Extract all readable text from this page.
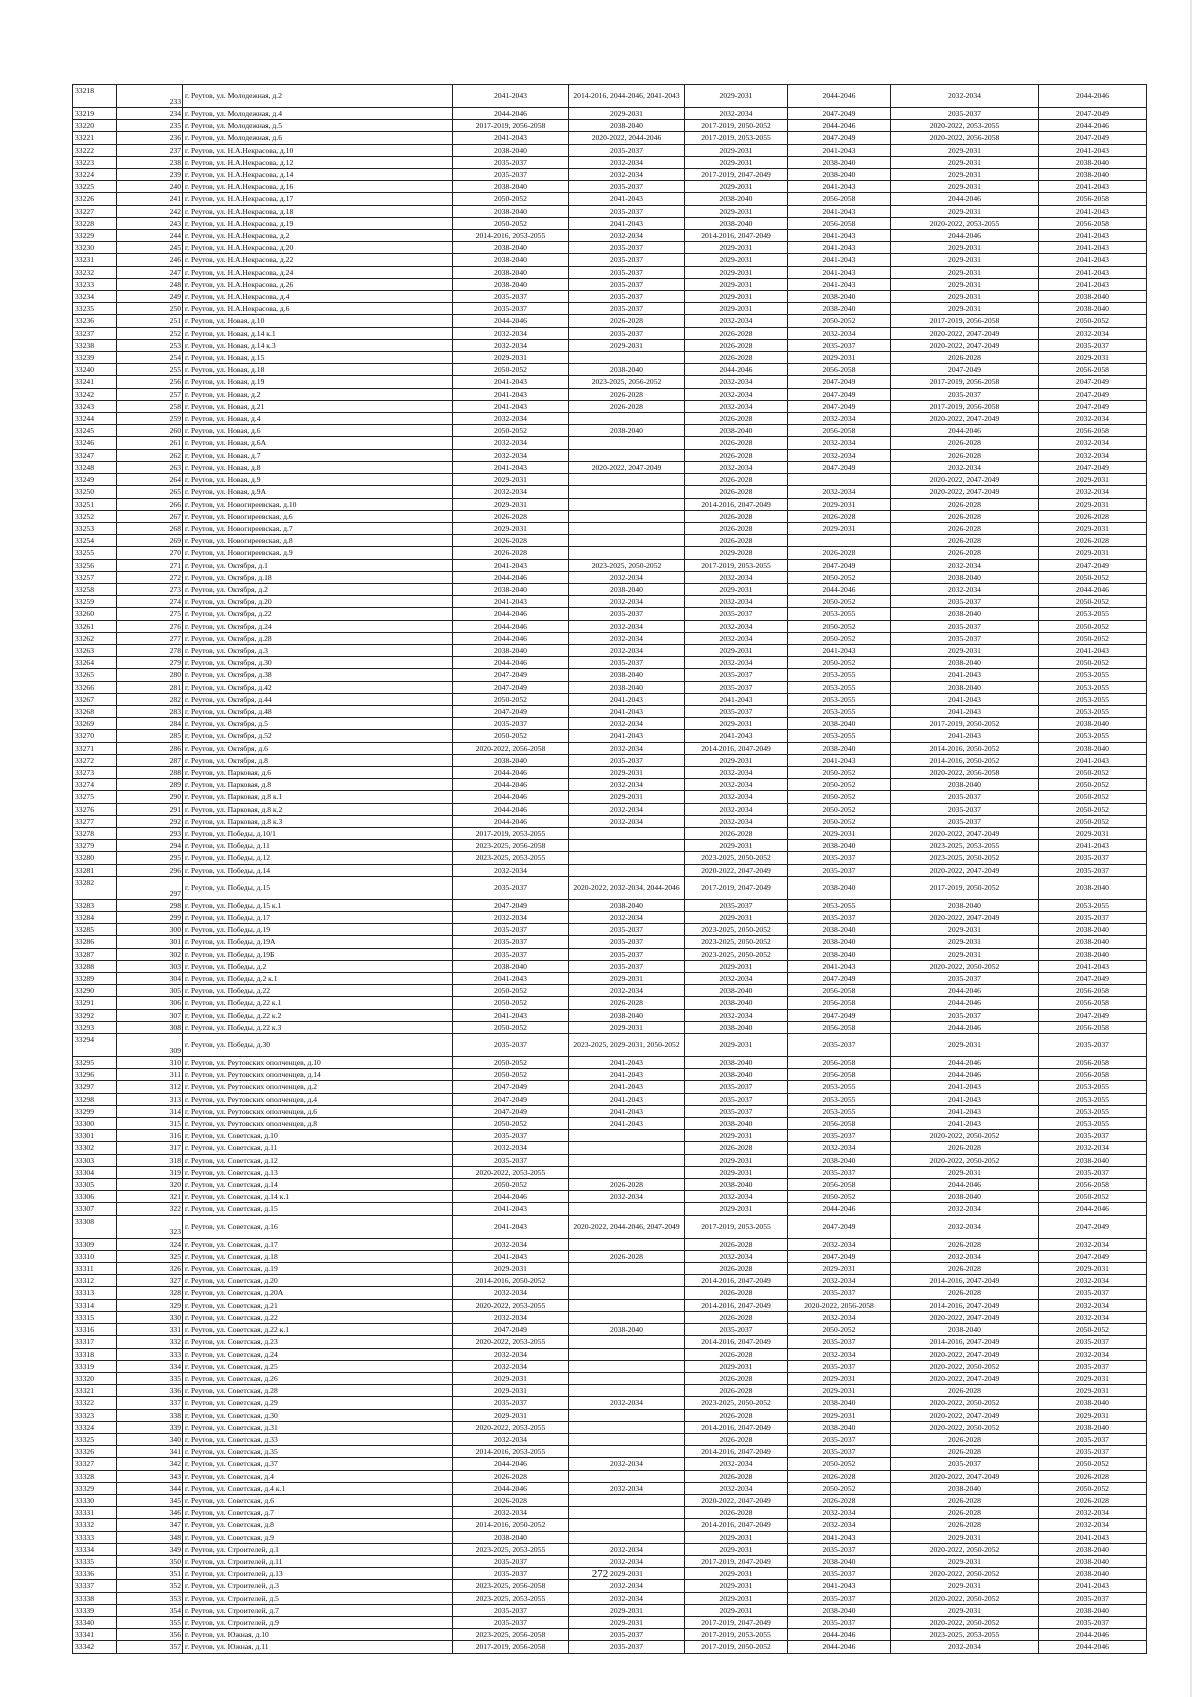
33218	233	г. Реутов, ул. Молодежная, д.2	2041-2043	2014-2016, 2044-2046, 2041-2043	2029-2031	2044-2046	2032-2034	2044-2046
33219	234	г. Реутов, ул. Молодежная, д.4	2044-2046	2029-2031	2032-2034	2047-2049	2035-2037	2047-2049
33220	235	г. Реутов, ул. Молодежная, д.5	2017-2019, 2056-2058	2038-2040	2017-2019, 2050-2052	2044-2046	2020-2022, 2053-2055	2044-2046
33221	236	г. Реутов, ул. Молодежная, д.6	2041-2043	2020-2022, 2044-2046	2017-2019, 2053-2055	2047-2049	2020-2022, 2056-2058	2047-2049
33222	237	г. Реутов, ул. Н.А.Некрасова, д.10	2038-2040	2035-2037	2029-2031	2041-2043	2029-2031	2041-2043
33223	238	г. Реутов, ул. Н.А.Некрасова, д.12	2035-2037	2032-2034	2029-2031	2038-2040	2029-2031	2038-2040
33224	239	г. Реутов, ул. Н.А.Некрасова, д.14	2035-2037	2032-2034	2017-2019, 2047-2049	2038-2040	2029-2031	2038-2040
33225	240	г. Реутов, ул. Н.А.Некрасова, д.16	2038-2040	2035-2037	2029-2031	2041-2043	2029-2031	2041-2043
33226	241	г. Реутов, ул. Н.А.Некрасова, д.17	2050-2052	2041-2043	2038-2040	2056-2058	2044-2046	2056-2058
33227	242	г. Реутов, ул. Н.А.Некрасова, д.18	2038-2040	2035-2037	2029-2031	2041-2043	2029-2031	2041-2043
33228	243	г. Реутов, ул. Н.А.Некрасова, д.19	2050-2052	2041-2043	2038-2040	2056-2058	2020-2022, 2053-2055	2056-2058
33229	244	г. Реутов, ул. Н.А.Некрасова, д.2	2014-2016, 2053-2055	2032-2034	2014-2016, 2047-2049	2041-2043	2044-2046	2041-2043
33230	245	г. Реутов, ул. Н.А.Некрасова, д.20	2038-2040	2035-2037	2029-2031	2041-2043	2029-2031	2041-2043
33231	246	г. Реутов, ул. Н.А.Некрасова, д.22	2038-2040	2035-2037	2029-2031	2041-2043	2029-2031	2041-2043
33232	247	г. Реутов, ул. Н.А.Некрасова, д.24	2038-2040	2035-2037	2029-2031	2041-2043	2029-2031	2041-2043
33233	248	г. Реутов, ул. Н.А.Некрасова, д.26	2038-2040	2035-2037	2029-2031	2041-2043	2029-2031	2041-2043
33234	249	г. Реутов, ул. Н.А.Некрасова, д.4	2035-2037	2035-2037	2029-2031	2038-2040	2029-2031	2038-2040
33235	250	г. Реутов, ул. Н.А.Некрасова, д.6	2035-2037	2035-2037	2029-2031	2038-2040	2029-2031	2038-2040
33236	251	г. Реутов, ул. Новая, д.10	2044-2046	2026-2028	2032-2034	2050-2052	2017-2019, 2056-2058	2050-2052
33237	252	г. Реутов, ул. Новая, д.14 к.1	2032-2034	2035-2037	2026-2028	2032-2034	2020-2022, 2047-2049	2032-2034
33238	253	г. Реутов, ул. Новая, д.14 к.3	2032-2034	2029-2031	2026-2028	2035-2037	2020-2022, 2047-2049	2035-2037
33239	254	г. Реутов, ул. Новая, д.15	2029-2031		2026-2028	2029-2031	2026-2028	2029-2031
33240	255	г. Реутов, ул. Новая, д.18	2050-2052	2038-2040	2044-2046	2056-2058	2047-2049	2056-2058
33241	256	г. Реутов, ул. Новая, д.19	2041-2043	2023-2025, 2056-2052	2032-2034	2047-2049	2017-2019, 2056-2058	2047-2049
33242	257	г. Реутов, ул. Новая, д.2	2041-2043	2026-2028	2032-2034	2047-2049	2035-2037	2047-2049
33243	258	г. Реутов, ул. Новая, д.21	2041-2043	2026-2028	2032-2034	2047-2049	2017-2019, 2056-2058	2047-2049
33244	259	г. Реутов, ул. Новая, д.4	2032-2034		2026-2028	2032-2034	2020-2022, 2047-2049	2032-2034
33245	260	г. Реутов, ул. Новая, д.6	2050-2052	2038-2040	2038-2040	2056-2058	2044-2046	2056-2058
33246	261	г. Реутов, ул. Новая, д.6А	2032-2034		2026-2028	2032-2034	2026-2028	2032-2034
33247	262	г. Реутов, ул. Новая, д.7	2032-2034		2026-2028	2032-2034	2026-2028	2032-2034
33248	263	г. Реутов, ул. Новая, д.8	2041-2043	2020-2022, 2047-2049	2032-2034	2047-2049	2032-2034	2047-2049
33249	264	г. Реутов, ул. Новая, д.9	2029-2031		2026-2028		2020-2022, 2047-2049	2029-2031
33250	265	г. Реутов, ул. Новая, д.9А	2032-2034		2026-2028	2032-2034	2020-2022, 2047-2049	2032-2034
33251	266	г. Реутов, ул. Новогиреевская, д.10	2029-2031		2014-2016, 2047-2049	2029-2031	2026-2028	2029-2031
33252	267	г. Реутов, ул. Новогиреевская, д.6	2026-2028		2026-2028	2026-2028	2026-2028	2026-2028
33253	268	г. Реутов, ул. Новогиреевская, д.7	2029-2031		2026-2028	2029-2031	2026-2028	2029-2031
33254	269	г. Реутов, ул. Новогиреевская, д.8	2026-2028		2026-2028		2026-2028	2026-2028
33255	270	г. Реутов, ул. Новогиреевская, д.9	2026-2028		2029-2028	2026-2028	2026-2028	2029-2031
33256	271	г. Реутов, ул. Октября, д.1	2041-2043	2023-2025, 2050-2052	2017-2019, 2053-2055	2047-2049	2032-2034	2047-2049
33257	272	г. Реутов, ул. Октября, д.18	2044-2046	2032-2034	2032-2034	2050-2052	2038-2040	2050-2052
33258	273	г. Реутов, ул. Октября, д.2	2038-2040	2038-2040	2029-2031	2044-2046	2032-2034	2044-2046
33259	274	г. Реутов, ул. Октября, д.20	2041-2043	2032-2034	2032-2034	2050-2052	2035-2037	2050-2052
33260	275	г. Реутов, ул. Октября, д.22	2044-2046	2035-2037	2035-2037	2053-2055	2038-2040	2053-2055
33261	276	г. Реутов, ул. Октября, д.24	2044-2046	2032-2034	2032-2034	2050-2052	2035-2037	2050-2052
33262	277	г. Реутов, ул. Октября, д.28	2044-2046	2032-2034	2032-2034	2050-2052	2035-2037	2050-2052
33263	278	г. Реутов, ул. Октября, д.3	2038-2040	2032-2034	2029-2031	2041-2043	2029-2031	2041-2043
33264	279	г. Реутов, ул. Октября, д.30	2044-2046	2035-2037	2032-2034	2050-2052	2038-2040	2050-2052
33265	280	г. Реутов, ул. Октября, д.38	2047-2049	2038-2040	2035-2037	2053-2055	2041-2043	2053-2055
33266	281	г. Реутов, ул. Октября, д.42	2047-2049	2038-2040	2035-2037	2053-2055	2038-2040	2053-2055
33267	282	г. Реутов, ул. Октября, д.44	2050-2052	2041-2043	2041-2043	2053-2055	2041-2043	2053-2055
33268	283	г. Реутов, ул. Октября, д.48	2047-2049	2041-2043	2035-2037	2053-2055	2041-2043	2053-2055
33269	284	г. Реутов, ул. Октября, д.5	2035-2037	2032-2034	2029-2031	2038-2040	2017-2019, 2050-2052	2038-2040
33270	285	г. Реутов, ул. Октября, д.52	2050-2052	2041-2043	2041-2043	2053-2055	2041-2043	2053-2055
33271	286	г. Реутов, ул. Октября, д.6	2020-2022, 2056-2058	2032-2034	2014-2016, 2047-2049	2038-2040	2014-2016, 2050-2052	2038-2040
33272	287	г. Реутов, ул. Октября, д.8	2038-2040	2035-2037	2029-2031	2041-2043	2014-2016, 2050-2052	2041-2043
33273	288	г. Реутов, ул. Парковая, д.6	2044-2046	2029-2031	2032-2034	2050-2052	2020-2022, 2056-2058	2050-2052
33274	289	г. Реутов, ул. Парковая, д.8	2044-2046	2032-2034	2032-2034	2050-2052	2038-2040	2050-2052
33275	290	г. Реутов, ул. Парковая, д.8 к.1	2044-2046	2029-2031	2032-2034	2050-2052	2035-2037	2050-2052
33276	291	г. Реутов, ул. Парковая, д.8 к.2	2044-2046	2032-2034	2032-2034	2050-2052	2035-2037	2050-2052
33277	292	г. Реутов, ул. Парковая, д.8 к.3	2044-2046	2032-2034	2032-2034	2050-2052	2035-2037	2050-2052
33278	293	г. Реутов, ул. Победы, д.10/1	2017-2019, 2053-2055		2026-2028	2029-2031	2020-2022, 2047-2049	2029-2031
33279	294	г. Реутов, ул. Победы, д.11	2023-2025, 2056-2058		2029-2031	2038-2040	2023-2025, 2053-2055	2041-2043
33280	295	г. Реутов, ул. Победы, д.12	2023-2025, 2053-2055		2023-2025, 2050-2052	2035-2037	2023-2025, 2050-2052	2035-2037
33281	296	г. Реутов, ул. Победы, д.14	2032-2034		2020-2022, 2047-2049	2035-2037	2020-2022, 2047-2049	2035-2037
33282	297	г. Реутов, ул. Победы, д.15	2035-2037	2020-2022, 2032-2034, 2044-2046	2017-2019, 2047-2049	2038-2040	2017-2019, 2050-2052	2038-2040
33283	298	г. Реутов, ул. Победы, д.15 к.1	2047-2049	2038-2040	2035-2037	2053-2055	2038-2040	2053-2055
33284	299	г. Реутов, ул. Победы, д.17	2032-2034	2032-2034	2029-2031	2035-2037	2020-2022, 2047-2049	2035-2037
33285	300	г. Реутов, ул. Победы, д.19	2035-2037	2035-2037	2023-2025, 2050-2052	2038-2040	2029-2031	2038-2040
33286	301	г. Реутов, ул. Победы, д.19А	2035-2037	2035-2037	2023-2025, 2050-2052	2038-2040	2029-2031	2038-2040
33287	302	г. Реутов, ул. Победы, д.19Б	2035-2037	2035-2037	2023-2025, 2050-2052	2038-2040	2029-2031	2038-2040
33288	303	г. Реутов, ул. Победы, д.2	2038-2040	2035-2037	2029-2031	2041-2043	2020-2022, 2050-2052	2041-2043
33289	304	г. Реутов, ул. Победы, д.2 к.1	2041-2043	2029-2031	2032-2034	2047-2049	2035-2037	2047-2049
33290	305	г. Реутов, ул. Победы, д.22	2050-2052	2032-2034	2038-2040	2056-2058	2044-2046	2056-2058
33291	306	г. Реутов, ул. Победы, д.22 к.1	2050-2052	2026-2028	2038-2040	2056-2058	2044-2046	2056-2058
33292	307	г. Реутов, ул. Победы, д.22 к.2	2041-2043	2038-2040	2032-2034	2047-2049	2035-2037	2047-2049
33293	308	г. Реутов, ул. Победы, д.22 к.3	2050-2052	2029-2031	2038-2040	2056-2058	2044-2046	2056-2058
33294	309	г. Реутов, ул. Победы, д.30	2035-2037	2023-2025, 2029-2031, 2050-2052	2029-2031	2035-2037	2029-2031	2035-2037
33295	310	г. Реутов, ул. Реутовских ополченцев, д.10	2050-2052	2041-2043	2038-2040	2056-2058	2044-2046	2056-2058
33296	311	г. Реутов, ул. Реутовских ополченцев, д.14	2050-2052	2041-2043	2038-2040	2056-2058	2044-2046	2056-2058
33297	312	г. Реутов, ул. Реутовских ополченцев, д.2	2047-2049	2041-2043	2035-2037	2053-2055	2041-2043	2053-2055
33298	313	г. Реутов, ул. Реутовских ополченцев, д.4	2047-2049	2041-2043	2035-2037	2053-2055	2041-2043	2053-2055
33299	314	г. Реутов, ул. Реутовских ополченцев, д.6	2047-2049	2041-2043	2035-2037	2053-2055	2041-2043	2053-2055
33300	315	г. Реутов, ул. Реутовских ополченцев, д.8	2050-2052	2041-2043	2038-2040	2056-2058	2041-2043	2053-2055
33301	316	г. Реутов, ул. Советская, д.10	2035-2037		2029-2031	2035-2037	2020-2022, 2050-2052	2035-2037
33302	317	г. Реутов, ул. Советская, д.11	2032-2034		2026-2028	2032-2034	2026-2028	2032-2034
33303	318	г. Реутов, ул. Советская, д.12	2035-2037		2029-2031	2038-2040	2020-2022, 2050-2052	2038-2040
33304	319	г. Реутов, ул. Советская, д.13	2020-2022, 2053-2055		2029-2031	2035-2037	2029-2031	2035-2037
33305	320	г. Реутов, ул. Советская, д.14	2050-2052	2026-2028	2038-2040	2056-2058	2044-2046	2056-2058
33306	321	г. Реутов, ул. Советская, д.14 к.1	2044-2046	2032-2034	2032-2034	2050-2052	2038-2040	2050-2052
33307	322	г. Реутов, ул. Советская, д.15	2041-2043		2029-2031	2044-2046	2032-2034	2044-2046
33308	323	г. Реутов, ул. Советская, д.16	2041-2043	2020-2022, 2044-2046, 2047-2049	2017-2019, 2053-2055	2047-2049	2032-2034	2047-2049
33309	324	г. Реутов, ул. Советская, д.17	2032-2034		2026-2028	2032-2034	2026-2028	2032-2034
33310	325	г. Реутов, ул. Советская, д.18	2041-2043	2026-2028	2032-2034	2047-2049	2032-2034	2047-2049
33311	326	г. Реутов, ул. Советская, д.19	2029-2031		2026-2028	2029-2031	2026-2028	2029-2031
33312	327	г. Реутов, ул. Советская, д.20	2014-2016, 2050-2052		2014-2016, 2047-2049	2032-2034	2014-2016, 2047-2049	2032-2034
33313	328	г. Реутов, ул. Советская, д.20А	2032-2034		2026-2028	2035-2037	2026-2028	2035-2037
33314	329	г. Реутов, ул. Советская, д.21	2020-2022, 2053-2055		2014-2016, 2047-2049	2020-2022, 2056-2058	2014-2016, 2047-2049	2032-2034
33315	330	г. Реутов, ул. Советская, д.22	2032-2034		2026-2028	2032-2034	2020-2022, 2047-2049	2032-2034
33316	331	г. Реутов, ул. Советская, д.22 к.1	2047-2049	2038-2040	2035-2037	2050-2052	2038-2040	2050-2052
33317	332	г. Реутов, ул. Советская, д.23	2020-2022, 2053-2055		2014-2016, 2047-2049	2035-2037	2014-2016, 2047-2049	2035-2037
33318	333	г. Реутов, ул. Советская, д.24	2032-2034		2026-2028	2032-2034	2020-2022, 2047-2049	2032-2034
33319	334	г. Реутов, ул. Советская, д.25	2032-2034		2029-2031	2035-2037	2020-2022, 2050-2052	2035-2037
33320	335	г. Реутов, ул. Советская, д.26	2029-2031		2026-2028	2029-2031	2020-2022, 2047-2049	2029-2031
33321	336	г. Реутов, ул. Советская, д.28	2029-2031		2026-2028	2029-2031	2026-2028	2029-2031
33322	337	г. Реутов, ул. Советская, д.29	2035-2037	2032-2034	2023-2025, 2050-2052	2038-2040	2020-2022, 2050-2052	2038-2040
33323	338	г. Реутов, ул. Советская, д.30	2029-2031		2026-2028	2029-2031	2020-2022, 2047-2049	2029-2031
33324	339	г. Реутов, ул. Советская, д.31	2020-2022, 2053-2055		2014-2016, 2047-2049	2038-2040	2020-2022, 2050-2052	2038-2040
33325	340	г. Реутов, ул. Советская, д.33	2032-2034		2026-2028	2035-2037	2026-2028	2035-2037
33326	341	г. Реутов, ул. Советская, д.35	2014-2016, 2053-2055		2014-2016, 2047-2049	2035-2037	2026-2028	2035-2037
33327	342	г. Реутов, ул. Советская, д.37	2044-2046	2032-2034	2032-2034	2050-2052	2035-2037	2050-2052
33328	343	г. Реутов, ул. Советская, д.4	2026-2028		2026-2028	2026-2028	2020-2022, 2047-2049	2026-2028
33329	344	г. Реутов, ул. Советская, д.4 к.1	2044-2046	2032-2034	2032-2034	2050-2052	2038-2040	2050-2052
33330	345	г. Реутов, ул. Советская, д.6	2026-2028		2020-2022, 2047-2049	2026-2028	2026-2028	2026-2028
33331	346	г. Реутов, ул. Советская, д.7	2032-2034		2026-2028	2032-2034	2026-2028	2032-2034
33332	347	г. Реутов, ул. Советская, д.8	2014-2016, 2050-2052		2014-2016, 2047-2049	2032-2034	2026-2028	2032-2034
33333	348	г. Реутов, ул. Советская, д.9	2038-2040		2029-2031	2041-2043	2029-2031	2041-2043
33334	349	г. Реутов, ул. Строителей, д.1	2023-2025, 2053-2055	2032-2034	2029-2031	2035-2037	2020-2022, 2050-2052	2038-2040
33335	350	г. Реутов, ул. Строителей, д.11	2035-2037	2032-2034	2017-2019, 2047-2049	2038-2040	2029-2031	2038-2040
33336	351	г. Реутов, ул. Строителей, д.13	2035-2037	2029-2031	2029-2031	2035-2037	2020-2022, 2050-2052	2038-2040
33337	352	г. Реутов, ул. Строителей, д.3	2023-2025, 2056-2058	2032-2034	2029-2031	2041-2043	2029-2031	2041-2043
33338	353	г. Реутов, ул. Строителей, д.5	2023-2025, 2053-2055	2032-2034	2029-2031	2035-2037	2020-2022, 2050-2052	2035-2037
33339	354	г. Реутов, ул. Строителей, д.7	2035-2037	2029-2031	2029-2031	2038-2040	2029-2031	2038-2040
33340	355	г. Реутов, ул. Строителей, д.9	2035-2037	2029-2031	2017-2019, 2047-2049	2035-2037	2020-2022, 2050-2052	2035-2037
33341	356	г. Реутов, ул. Южная, д.10	2023-2025, 2056-2058	2035-2037	2017-2019, 2053-2055	2044-2046	2023-2025, 2053-2055	2044-2046
33342	357	г. Реутов, ул. Южная, д.11	2017-2019, 2056-2058	2035-2037	2017-2019, 2050-2052	2044-2046	2032-2034	2044-2046
272
